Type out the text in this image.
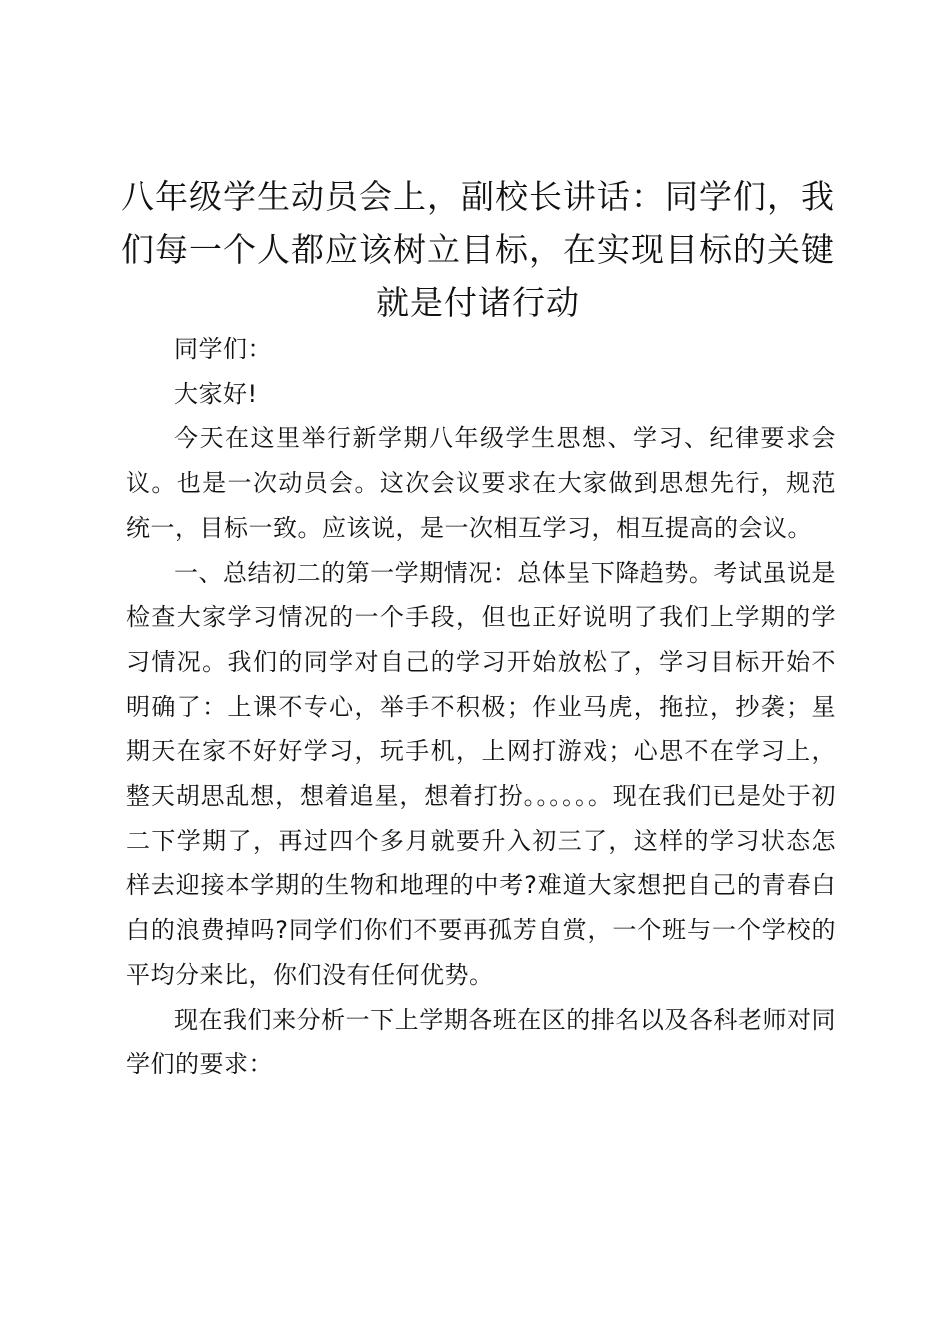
八年级学生动员会上，副校长讲话：同学们，我们每一个人都应该树立目标，在实现目标的关键就是付诸行动

同学们：

大家好!

今天在这里举行新学期八年级学生思想、学习、纪律要求会议。也是一次动员会。这次会议要求在大家做到思想先行，规范统一，目标一致。应该说，是一次相互学习，相互提高的会议。

一、总结初二的第一学期情况：总体呈下降趋势。考试虽说是检查大家学习情况的一个手段，但也正好说明了我们上学期的学习情况。我们的同学对自己的学习开始放松了，学习目标开始不明确了：上课不专心，举手不积极；作业马虎，拖拉，抄袭；星期天在家不好好学习，玩手机，上网打游戏；心思不在学习上，整天胡思乱想，想着追星，想着打扮。。。。。。现在我们已是处于初二下学期了，再过四个多月就要升入初三了，这样的学习状态怎样去迎接本学期的生物和地理的中考?难道大家想把自己的青春白白的浪费掉吗?同学们你们不要再孤芳自赏，一个班与一个学校的平均分来比，你们没有任何优势。

现在我们来分析一下上学期各班在区的排名以及各科老师对同学们的要求：
